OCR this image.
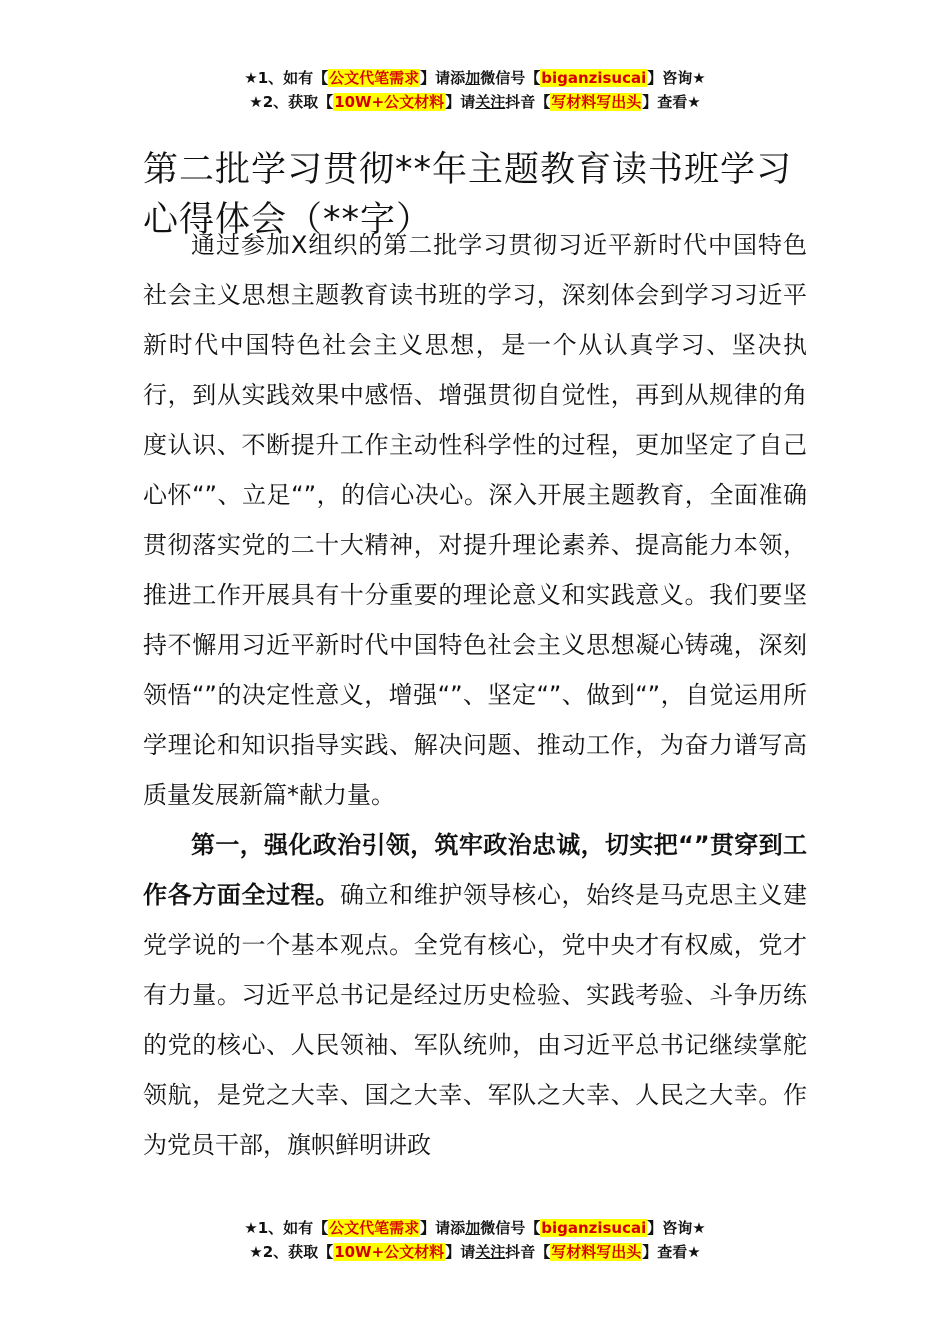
★1、如有【公文代笔需求】请添加微信号【biganzisucai】咨询★
★2、获取【10W+公文材料】请关注抖音【写材料写出头】查看★
第二批学习贯彻**年主题教育读书班学习心得体会（**字）

通过参加X组织的第二批学习贯彻习近平新时代中国特色社会主义思想主题教育读书班的学习，深刻体会到学习习近平新时代中国特色社会主义思想，是一个从认真学习、坚决执行，到从实践效果中感悟、增强贯彻自觉性，再到从规律的角度认识、不断提升工作主动性科学性的过程，更加坚定了自己心怀“”、立足“”，的信心决心。深入开展主题教育，全面准确贯彻落实党的二十大精神，对提升理论素养、提高能力本领，推进工作开展具有十分重要的理论意义和实践意义。我们要坚持不懈用习近平新时代中国特色社会主义思想凝心铸魂，深刻领悟“”的决定性意义，增强“”、坚定“”、做到“”，自觉运用所学理论和知识指导实践、解决问题、推动工作，为奋力谱写高质量发展新篇*献力量。

第一，强化政治引领，筑牢政治忠诚，切实把“”贯穿到工作各方面全过程。确立和维护领导核心，始终是马克思主义建党学说的一个基本观点。全党有核心，党中央才有权威，党才有力量。习近平总书记是经过历史检验、实践考验、斗争历练的党的核心、人民领袖、军队统帅，由习近平总书记继续掌舵领航，是党之大幸、国之大幸、军队之大幸、人民之大幸。作为党员干部，旗帜鲜明讲政

★1、如有【公文代笔需求】请添加微信号【biganzisucai】咨询★
★2、获取【10W+公文材料】请关注抖音【写材料写出头】查看★
